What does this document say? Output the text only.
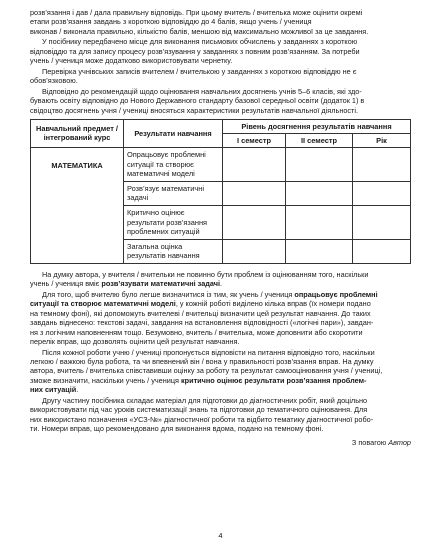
розв’язання і дав / дала правильну відповідь. При цьому вчитель / вчителька може оцінити окремі
етапи розв’язання завдань з короткою відповіддю до 4 балів, якщо учень / учениця
виконав / виконала правильно, кількістю балів, меншою від максимально можливої за це завдання.

У посібнику передбачено місце для виконання письмових обчислень у завданнях з короткою
відповіддю та для запису процесу розв’язування у завданнях з повним розв’язанням. За потреби
учень / учениця може додатково використовувати чернетку.

Перевірка учнівських записів вчителем / вчителькою у завданнях з короткою відповіддю не є
обов’язковою.

Відповідно до рекомендацій щодо оцінювання навчальних досягнень учнів 5–6 класів, які здо-
бувають освіту відповідно до Нового Державного стандарту базової середньої освіти (додаток 1) в
свідоцтво досягнень учня / учениці вносяться характеристики результатів навчальної діяльності.

Навчальний предмет / інтегрований курс	Результати навчання	Рівень досягнення результатів навчання		
		I семестр	II семестр	Рік
МАТЕМАТИКА	Опрацьовує проблемні ситуації та створює математичні моделі			
	Розв’язує математичні задачі			
	Критично оцінює результати розв’язання проблемних ситуацій			
	Загальна оцінка результатів навчання			

На думку автора, у вчителя / вчительки не повинно бути проблем із оцінюванням того, наскільки
учень / учениця вміє розв’язувати математичні задачі.

Для того, щоб вчителю було легше визначитися із тим, як учень / учениця опрацьовує проблемні
ситуації та створює математичні моделі, у кожній роботі виділено кілька вправ (їх номери подано
на темному фоні), які допоможуть вчителеві / вчительці визначити цей результат навчання. До таких
завдань віднесено: текстові задачі, завдання на встановлення відповідності («логічні пари»), завдан-
ня з логічним наповненням тощо. Безумовно, вчитель / вчителька, може доповнити або скоротити
перелік вправ, що дозволять оцінити цей результат навчання.

Після кожної роботи учню / учениці пропонується відповісти на питання відповідно того, наскільки
легкою / важкою була робота, та чи впевнений він / вона у правильності розв’язання вправ. На думку
автора, вчитель / вчителька співставивши оцінку за роботу та результат самооцінювання учня / учениці,
зможе визначити, наскільки учень / учениця критично оцінює результати розв’язання проблем-
них ситуацій.

Другу частину посібника складає матеріал для підготовки до діагностичних робіт, який доцільно
використовувати під час уроків систематизації знань та підготовки до тематичного оцінювання. Для
них використано позначення «УСЗ-№» діагностичної роботи та відбито тематику діагностичної робо-
ти. Номери вправ, що рекомендовано для виконання вдома, подано на темному фоні.

З повагою Автор
4
